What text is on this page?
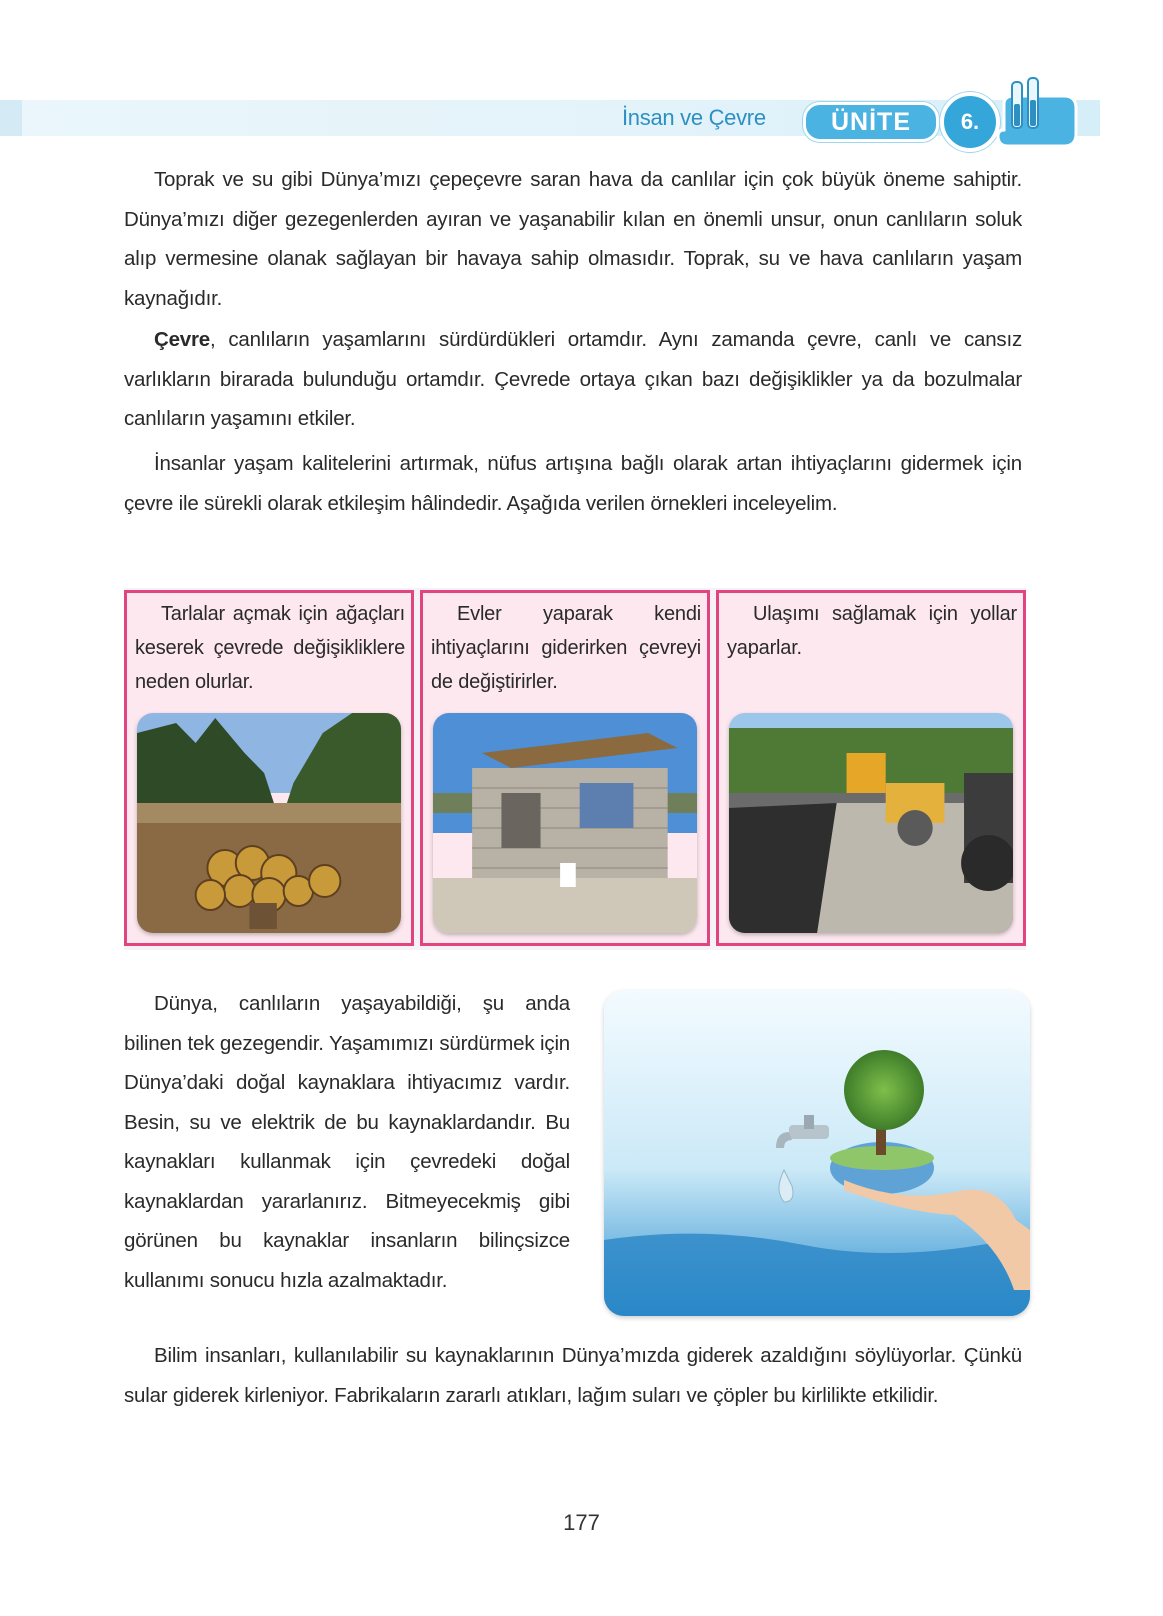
İnsan ve Çevre	ÜNİTE	6.

Toprak ve su gibi Dünya’mızı çepeçevre saran hava da canlılar için çok büyük öneme sahiptir. Dünya’mızı diğer gezegenlerden ayıran ve yaşanabilir kılan en önemli unsur, onun canlıların soluk alıp vermesine olanak sağlayan bir havaya sahip olmasıdır. Toprak, su ve hava canlıların yaşam kaynağıdır.

Çevre, canlıların yaşamlarını sürdürdükleri ortamdır. Aynı zamanda çevre, canlı ve cansız varlıkların birarada bulunduğu ortamdır. Çevrede ortaya çıkan bazı değişiklikler ya da bozulmalar canlıların yaşamını etkiler.

İnsanlar yaşam kalitelerini artırmak, nüfus artışına bağlı olarak artan ihtiyaçlarını gidermek için çevre ile sürekli olarak etkileşim hâlindedir. Aşağıda verilen örnekleri inceleyelim.

Tarlalar açmak için ağaçları keserek çevrede değişikliklere neden olurlar.

Evler yaparak kendi ihtiyaçlarını giderirken çevreyi de değiştirirler.

Ulaşımı sağlamak için yollar yaparlar.

Dünya, canlıların yaşayabildiği, şu anda bilinen tek gezegendir. Yaşamımızı sürdürmek için Dünya’daki doğal kaynaklara ihtiyacımız vardır. Besin, su ve elektrik de bu kaynaklardandır. Bu kaynakları kullanmak için çevredeki doğal kaynaklardan yararlanırız. Bitmeyecekmiş gibi görünen bu kaynaklar insanların bilinçsizce kullanımı sonucu hızla azalmaktadır.

Bilim insanları, kullanılabilir su kaynaklarının Dünya’mızda giderek azaldığını söylüyorlar. Çünkü sular giderek kirleniyor. Fabrikaların zararlı atıkları, lağım suları ve çöpler bu kirlilikte etkilidir.

177
